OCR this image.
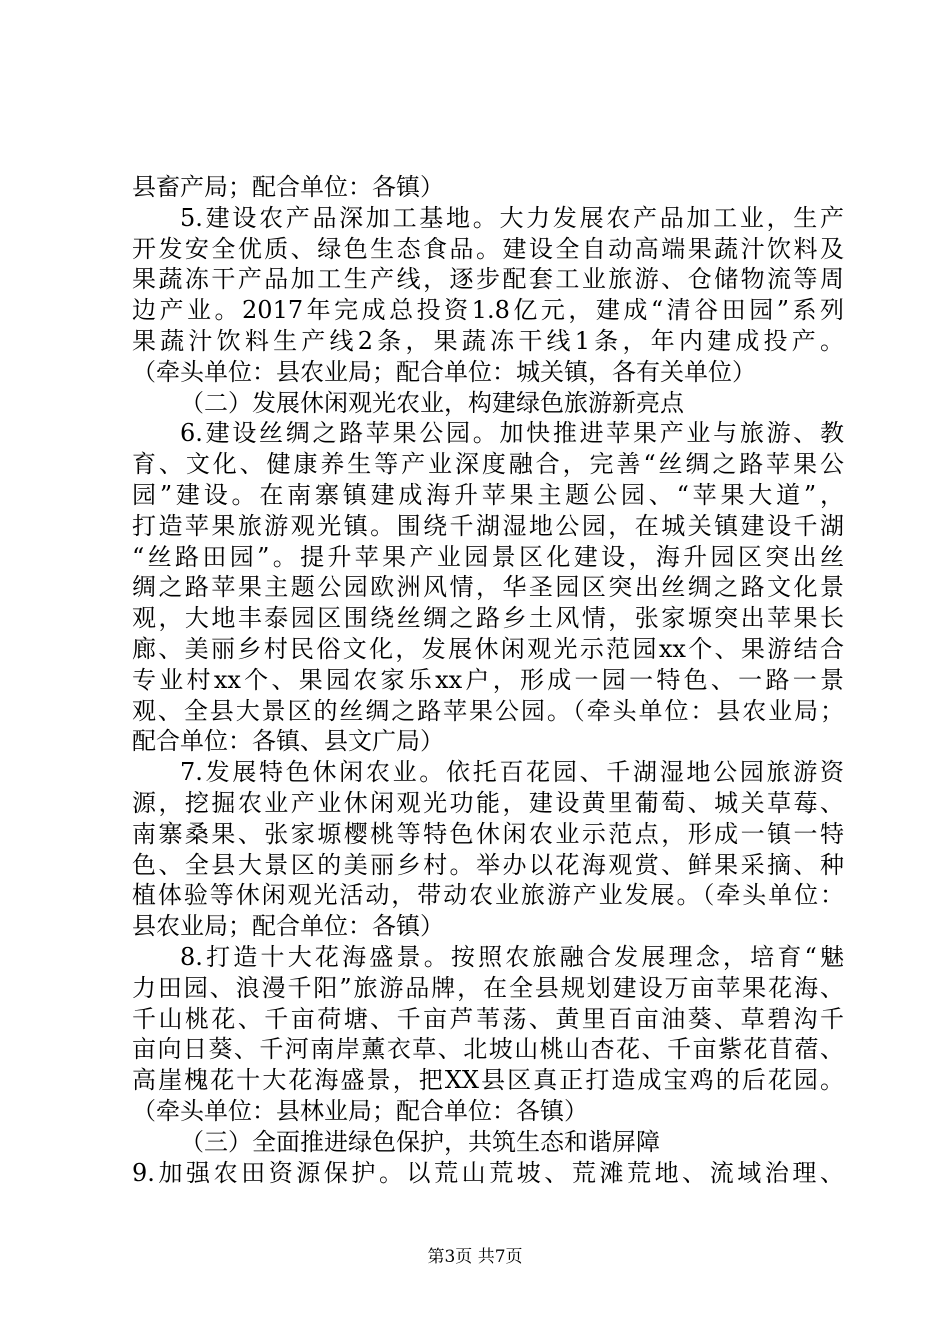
县畜产局；配合单位：各镇）
5.建设农产品深加工基地。大力发展农产品加工业，生产
开发安全优质、绿色生态食品。建设全自动高端果蔬汁饮料及
果蔬冻干产品加工生产线，逐步配套工业旅游、仓储物流等周
边产业。2017年完成总投资1.8亿元，建成“清谷田园”系列
果蔬汁饮料生产线2条，果蔬冻干线1条，年内建成投产。
（牵头单位：县农业局；配合单位：城关镇，各有关单位）
（二）发展休闲观光农业，构建绿色旅游新亮点
6.建设丝绸之路苹果公园。加快推进苹果产业与旅游、教
育、文化、健康养生等产业深度融合，完善“丝绸之路苹果公
园”建设。在南寨镇建成海升苹果主题公园、“苹果大道”，
打造苹果旅游观光镇。围绕千湖湿地公园，在城关镇建设千湖
“丝路田园”。提升苹果产业园景区化建设，海升园区突出丝
绸之路苹果主题公园欧洲风情，华圣园区突出丝绸之路文化景
观，大地丰泰园区围绕丝绸之路乡土风情，张家塬突出苹果长
廊、美丽乡村民俗文化，发展休闲观光示范园xx个、果游结合
专业村xx个、果园农家乐xx户，形成一园一特色、一路一景
观、全县大景区的丝绸之路苹果公园。（牵头单位：县农业局；
配合单位：各镇、县文广局）
7.发展特色休闲农业。依托百花园、千湖湿地公园旅游资
源，挖掘农业产业休闲观光功能，建设黄里葡萄、城关草莓、
南寨桑果、张家塬樱桃等特色休闲农业示范点，形成一镇一特
色、全县大景区的美丽乡村。举办以花海观赏、鲜果采摘、种
植体验等休闲观光活动，带动农业旅游产业发展。（牵头单位：
县农业局；配合单位：各镇）
8.打造十大花海盛景。按照农旅融合发展理念，培育“魅
力田园、浪漫千阳”旅游品牌，在全县规划建设万亩苹果花海、
千山桃花、千亩荷塘、千亩芦苇荡、黄里百亩油葵、草碧沟千
亩向日葵、千河南岸薰衣草、北坡山桃山杏花、千亩紫花苜蓿、
高崖槐花十大花海盛景，把XX县区真正打造成宝鸡的后花园。
（牵头单位：县林业局；配合单位：各镇）
（三）全面推进绿色保护，共筑生态和谐屏障
9.加强农田资源保护。以荒山荒坡、荒滩荒地、流域治理、
第3页 共7页
